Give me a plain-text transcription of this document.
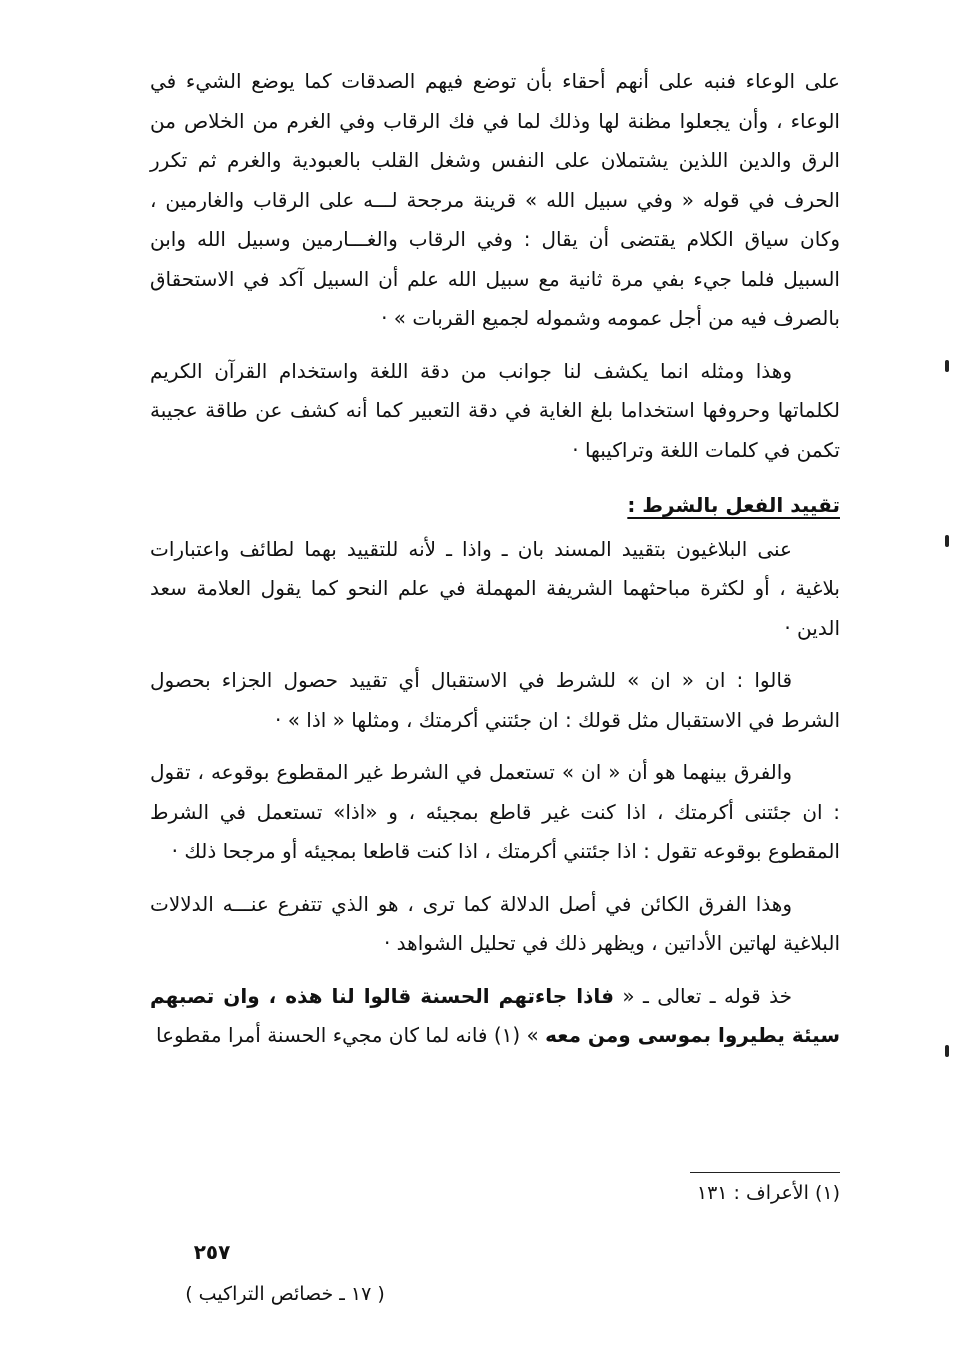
على الوعاء فنبه على أنهم أحقاء بأن توضع فيهم الصدقات كما يوضع الشيء في الوعاء ، وأن يجعلوا مظنة لها وذلك لما في فك الرقاب وفي الغرم من الخلاص من الرق والدين اللذين يشتملان على النفس وشغل القلب بالعبودية والغرم ثم تكرر الحرف في قوله « وفي سبيل الله » قرينة مرجحة لـــه على الرقاب والغارمين ، وكان سياق الكلام يقتضى أن يقال : وفي الرقاب والغـــارمين وسبيل الله وابن السبيل فلما جيء بفي مرة ثانية مع سبيل الله علم أن السبيل آكد في الاستحقاق بالصرف فيه من أجل عمومه وشموله لجميع القربات » ·

وهذا ومثله انما يكشف لنا جوانب من دقة اللغة واستخدام القرآن الكريم لكلماتها وحروفها استخداما بلغ الغاية في دقة التعبير كما أنه كشف عن طاقة عجيبة تكمن في كلمات اللغة وتراكيبها ·

تقييد الفعل بالشرط :

عنى البلاغيون بتقييد المسند بان ـ واذا ـ لأنه للتقييد بهما لطائف واعتبارات بلاغية ، أو لكثرة مباحثهما الشريفة المهملة في علم النحو كما يقول العلامة سعد الدين ·

قالوا : ان « ان » للشرط في الاستقبال أي تقييد حصول الجزاء بحصول الشرط في الاستقبال مثل قولك : ان جئتني أكرمتك ، ومثلها « اذا » ·

والفرق بينهما هو أن « ان » تستعمل في الشرط غير المقطوع بوقوعه ، تقول : ان جئتنى أكرمتك ، اذا كنت غير قاطع بمجيئه ، و «اذا» تستعمل في الشرط المقطوع بوقوعه تقول : اذا جئتني أكرمتك ، اذا كنت قاطعا بمجيئه أو مرجحا ذلك ·

وهذا الفرق الكائن في أصل الدلالة كما ترى ، هو الذي تتفرع عنـــه الدلالات البلاغية لهاتين الأداتين ، ويظهر ذلك في تحليل الشواهد ·

خذ قوله ـ تعالى ـ « فاذا جاءتهم الحسنة قالوا لنا هذه ، وان تصبهم سيئة يطيروا بموسى ومن معه » (١) فانه لما كان مجيء الحسنة أمرا مقطوعا

(١) الأعراف : ١٣١
٢٥٧
( ١٧ ـ خصائص التراكيب )
